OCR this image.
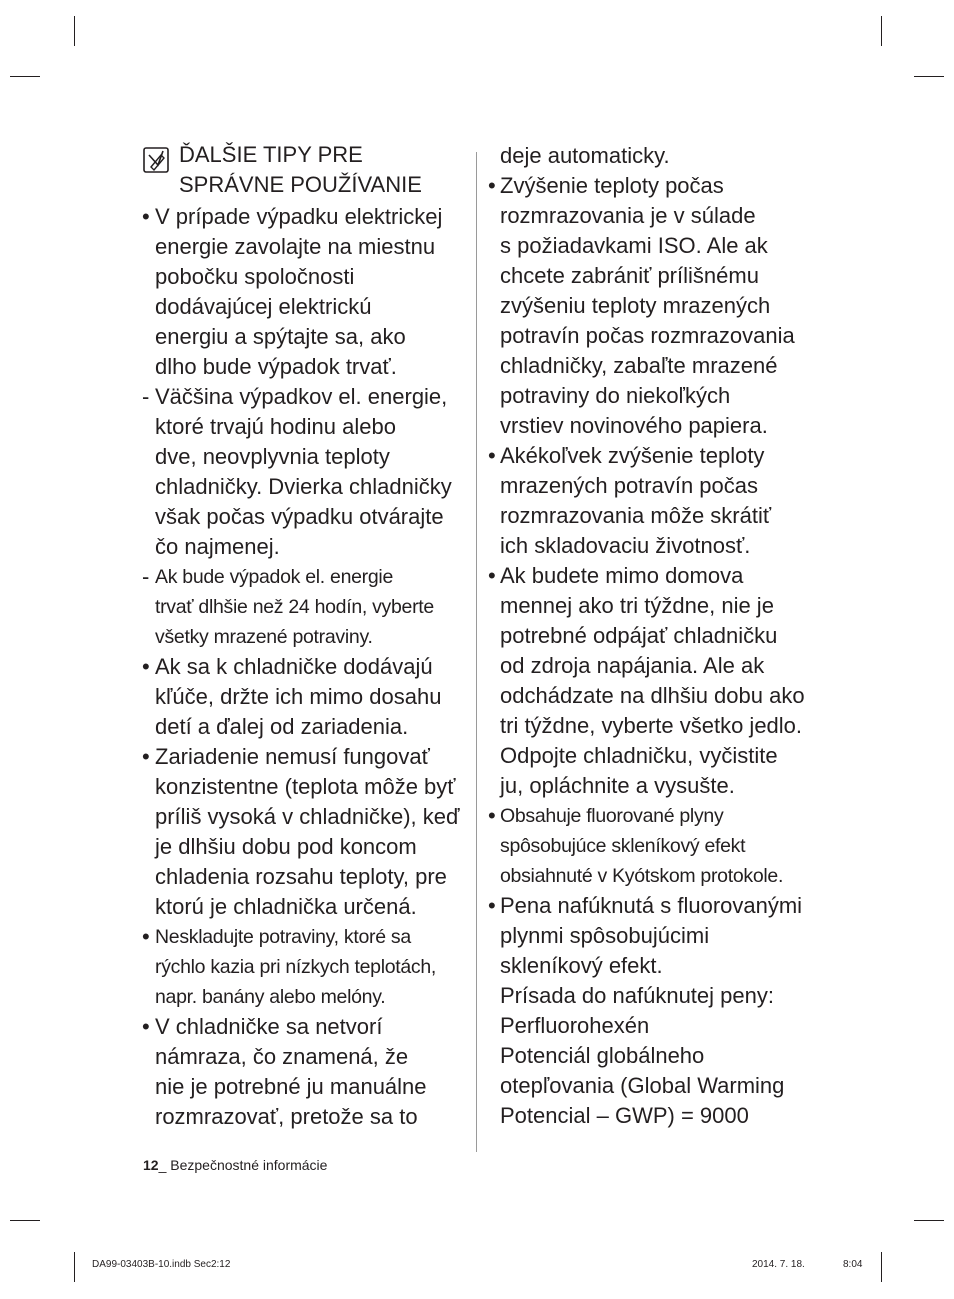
ĎALŠIE TIPY PRE
SPRÁVNE POUŽÍVANIE
12_ Bezpečnostné informácie
DA99-03403B-10.indb Sec2:12	2014. 7. 18.	8:04
• V prípade výpadku elektrickej
energie zavolajte na miestnu
pobočku spoločnosti
dodávajúcej elektrickú
energiu a spýtajte sa, ako
dlho bude výpadok trvať.
- Väčšina výpadkov el. energie,
ktoré trvajú hodinu alebo
dve, neovplyvnia teploty
chladničky. Dvierka chladničky
však počas výpadku otvárajte
čo najmenej.
- Ak bude výpadok el. energie
trvať dlhšie než 24 hodín, vyberte
všetky mrazené potraviny.
• Ak sa k chladničke dodávajú
kľúče, držte ich mimo dosahu
detí a ďalej od zariadenia.
• Zariadenie nemusí fungovať
konzistentne (teplota môže byť
príliš vysoká v chladničke), keď
je dlhšiu dobu pod koncom
chladenia rozsahu teploty, pre
ktorú je chladnička určená.
• Neskladujte potraviny, ktoré sa
rýchlo kazia pri nízkych teplotách,
napr. banány alebo melóny.
• V chladničke sa netvorí
námraza, čo znamená, že
nie je potrebné ju manuálne
rozmrazovať, pretože sa to
deje automaticky.
• Zvýšenie teploty počas
rozmrazovania je v súlade
s požiadavkami ISO. Ale ak
chcete zabrániť prílišnému
zvýšeniu teploty mrazených
potravín počas rozmrazovania
chladničky, zabaľte mrazené
potraviny do niekoľkých
vrstiev novinového papiera.
• Akékoľvek zvýšenie teploty
mrazených potravín počas
rozmrazovania môže skrátiť
ich skladovaciu životnosť.
• Ak budete mimo domova
mennej ako tri týždne, nie je
potrebné odpájať chladničku
od zdroja napájania. Ale ak
odchádzate na dlhšiu dobu ako
tri týždne, vyberte všetko jedlo.
Odpojte chladničku, vyčistite
ju, opláchnite a vysušte.
• Obsahuje fluorované plyny
spôsobujúce skleníkový efekt
obsiahnuté v Kyótskom protokole.
• Pena nafúknutá s fluorovanými
plynmi spôsobujúcimi
skleníkový efekt.
Prísada do nafúknutej peny:
Perfluorohexén
Potenciál globálneho
otepľovania (Global Warming
Potencial – GWP) = 9000
